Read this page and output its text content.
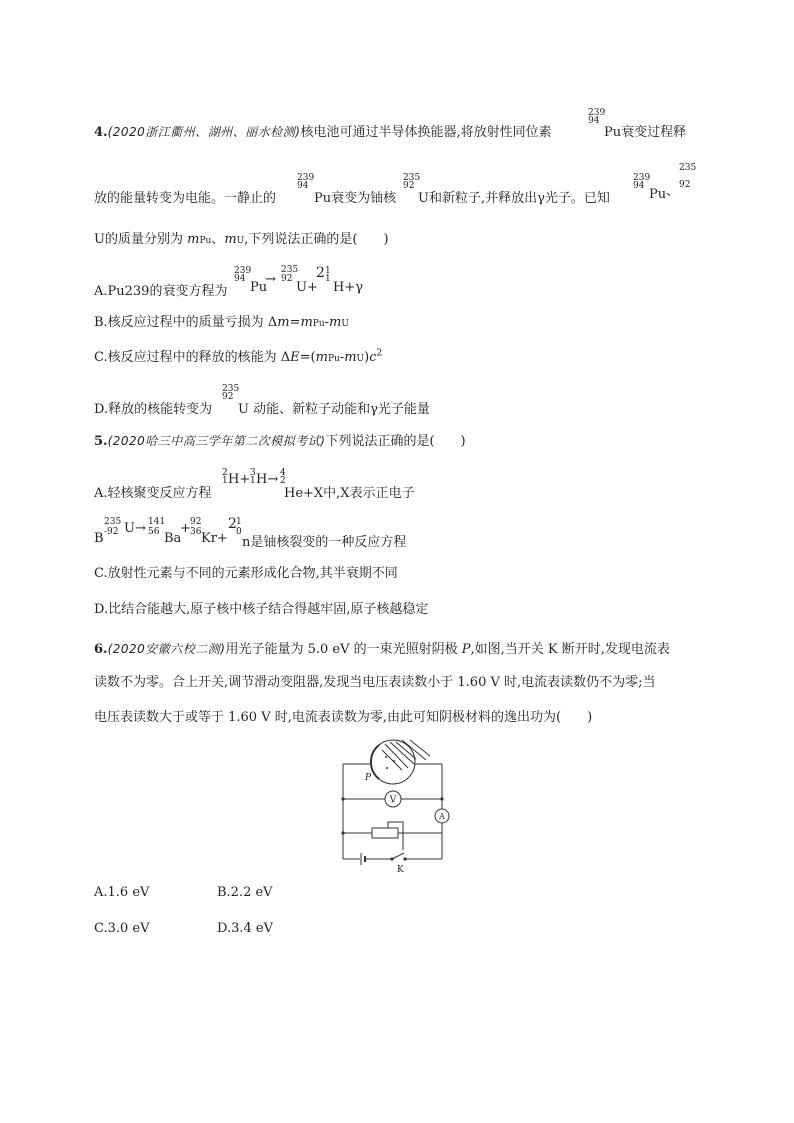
4.(2020浙江衢州、湖州、丽水检测)核电池可通过半导体换能器,将放射性同位素
239
94
Pu衰变过程释
放的能量转变为电能。一静止的
239
94
Pu衰变为铀核
235
92
U和新粒子,并释放出γ光子。已知
239
94
Pu 、
235
92
U的质量分别为 mPu、mU,下列说法正确的是(　　)
A.Pu239的衰变方程为
239
94
Pu
→
235
92
U+
2 1
1
H+γ
B.核反应过程中的质量亏损为 Δm=mPu-mU
C.核反应过程中的释放的核能为 $\Delta E=(mPu-mU)c^2$
D.释放的核能转变为
235
92
U 动能、新粒子动能和γ光子能量
5.(2020哈三中高三学年第二次模拟考试)下列说法正确的是(　　)
A.轻核聚变反应方程
2
1 H+ 3
1 H→ 4
2
He+X中,X表示正电子
B
235
-92 U→ 141
56 Ba
+ 92
36 Kr+
2 1
0
n是铀核裂变的一种反应方程
C.放射性元素与不同的元素形成化合物,其半衰期不同
D.比结合能越大,原子核中核子结合得越牢固,原子核越稳定
6.(2020安徽六校二测)用光子能量为 5.0 eV 的一束光照射阴极 P,如图,当开关 K 断开时,发现电流表
读数不为零。合上开关,调节滑动变阻器,发现当电压表读数小于 1.60 V 时,电流表读数仍不为零;当
电压表读数大于或等于 1.60 V 时,电流表读数为零,由此可知阴极材料的逸出功为(　　)
V
A
P
K
A.1.6 eV	B.2.2 eV
C.3.0 eV	D.3.4 eV
